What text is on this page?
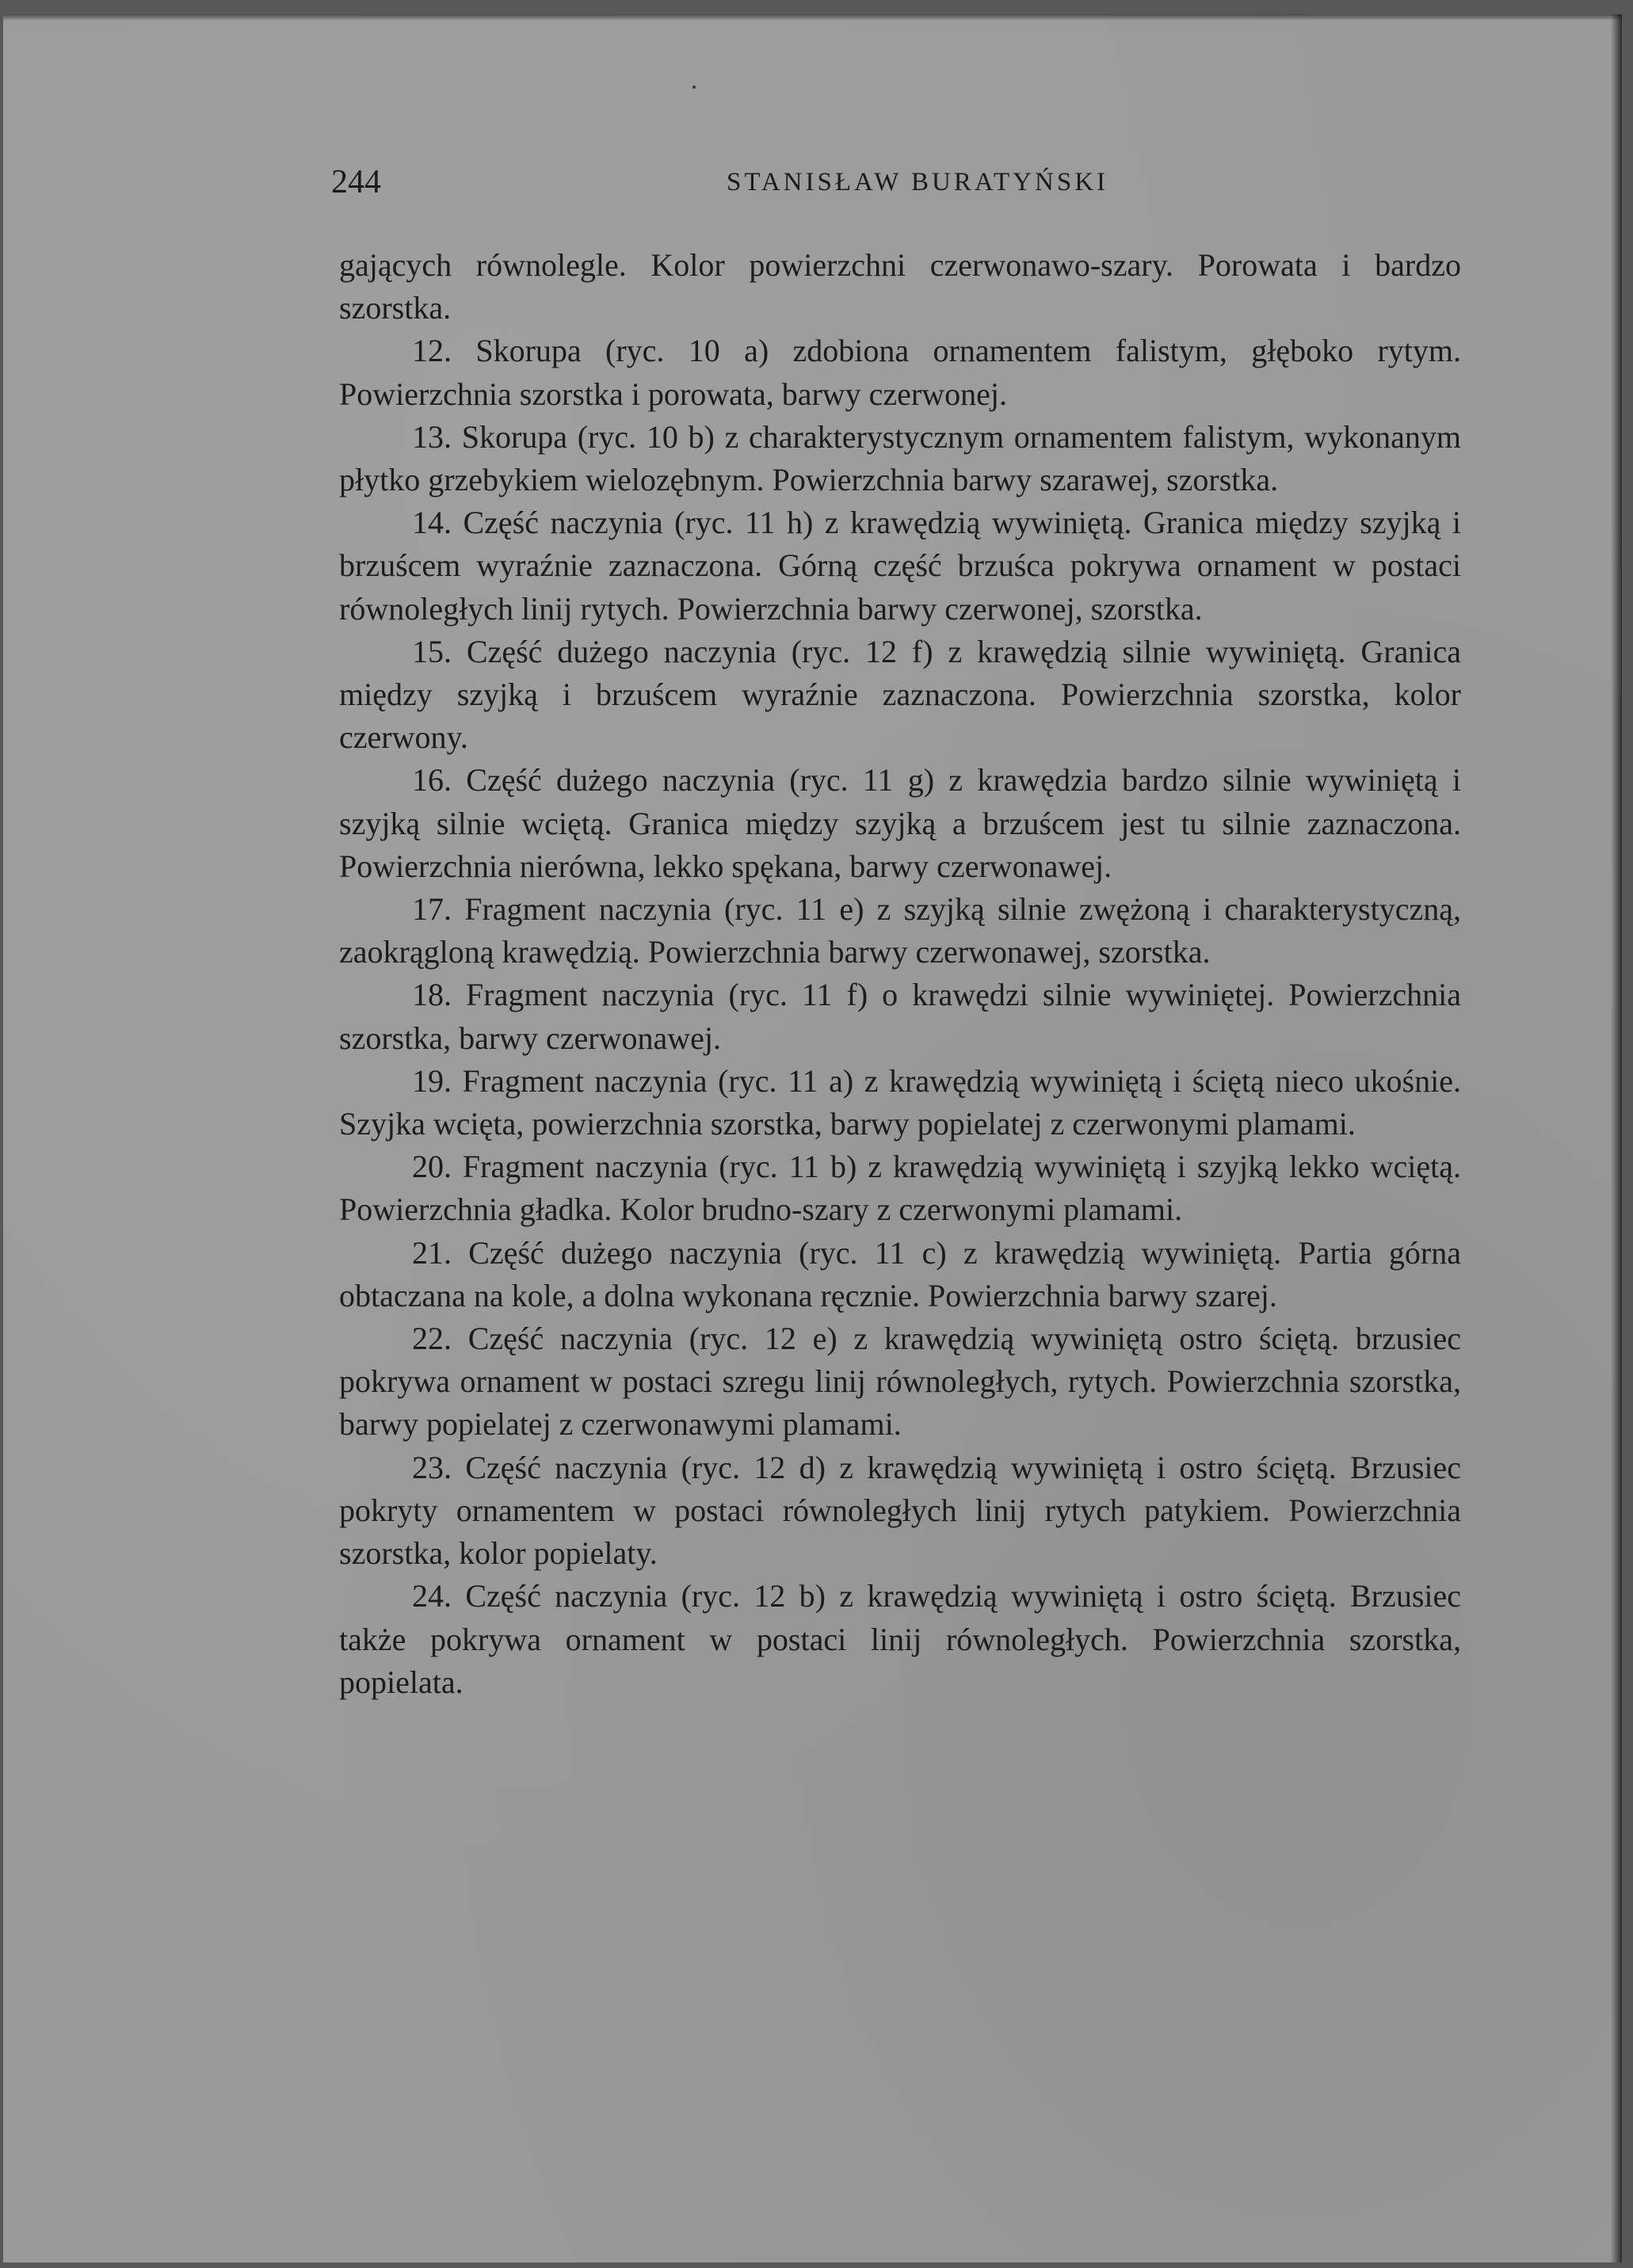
244	STANISŁAW BURATYŃSKI

gających równolegle. Kolor powierzchni czerwonawo-szary. Porowata i bardzo szorstka.

12. Skorupa (ryc. 10 a) zdobiona ornamentem falistym, głęboko rytym. Powierzchnia szorstka i porowata, barwy czerwonej.

13. Skorupa (ryc. 10 b) z charakterystycznym ornamentem falistym, wykonanym płytko grzebykiem wielozębnym. Powierzchnia barwy szarawej, szorstka.

14. Część naczynia (ryc. 11 h) z krawędzią wywiniętą. Granica między szyjką i brzuścem wyraźnie zaznaczona. Górną część brzuśca pokrywa ornament w postaci równoległych linij rytych. Powierzchnia barwy czerwonej, szorstka.

15. Część dużego naczynia (ryc. 12 f) z krawędzią silnie wywiniętą. Granica między szyjką i brzuścem wyraźnie zaznaczona. Powierzchnia szorstka, kolor czerwony.

16. Część dużego naczynia (ryc. 11 g) z krawędzia bardzo silnie wywiniętą i szyjką silnie wciętą. Granica między szyjką a brzuścem jest tu silnie zaznaczona. Powierzchnia nierówna, lekko spękana, barwy czerwonawej.

17. Fragment naczynia (ryc. 11 e) z szyjką silnie zwężoną i charakterystyczną, zaokrągloną krawędzią. Powierzchnia barwy czerwonawej, szorstka.

18. Fragment naczynia (ryc. 11 f) o krawędzi silnie wywiniętej. Powierzchnia szorstka, barwy czerwonawej.

19. Fragment naczynia (ryc. 11 a) z krawędzią wywiniętą i ściętą nieco ukośnie. Szyjka wcięta, powierzchnia szorstka, barwy popielatej z czerwonymi plamami.

20. Fragment naczynia (ryc. 11 b) z krawędzią wywiniętą i szyjką lekko wciętą. Powierzchnia gładka. Kolor brudno-szary z czerwonymi plamami.

21. Część dużego naczynia (ryc. 11 c) z krawędzią wywiniętą. Partia górna obtaczana na kole, a dolna wykonana ręcznie. Powierzchnia barwy szarej.

22. Część naczynia (ryc. 12 e) z krawędzią wywiniętą ostro ściętą. brzusiec pokrywa ornament w postaci szregu linij równoległych, rytych. Powierzchnia szorstka, barwy popielatej z czerwonawymi plamami.

23. Część naczynia (ryc. 12 d) z krawędzią wywiniętą i ostro ściętą. Brzusiec pokryty ornamentem w postaci równoległych linij rytych patykiem. Powierzchnia szorstka, kolor popielaty.

24. Część naczynia (ryc. 12 b) z krawędzią wywiniętą i ostro ściętą. Brzusiec także pokrywa ornament w postaci linij równoległych. Powierzchnia szorstka, popielata.
